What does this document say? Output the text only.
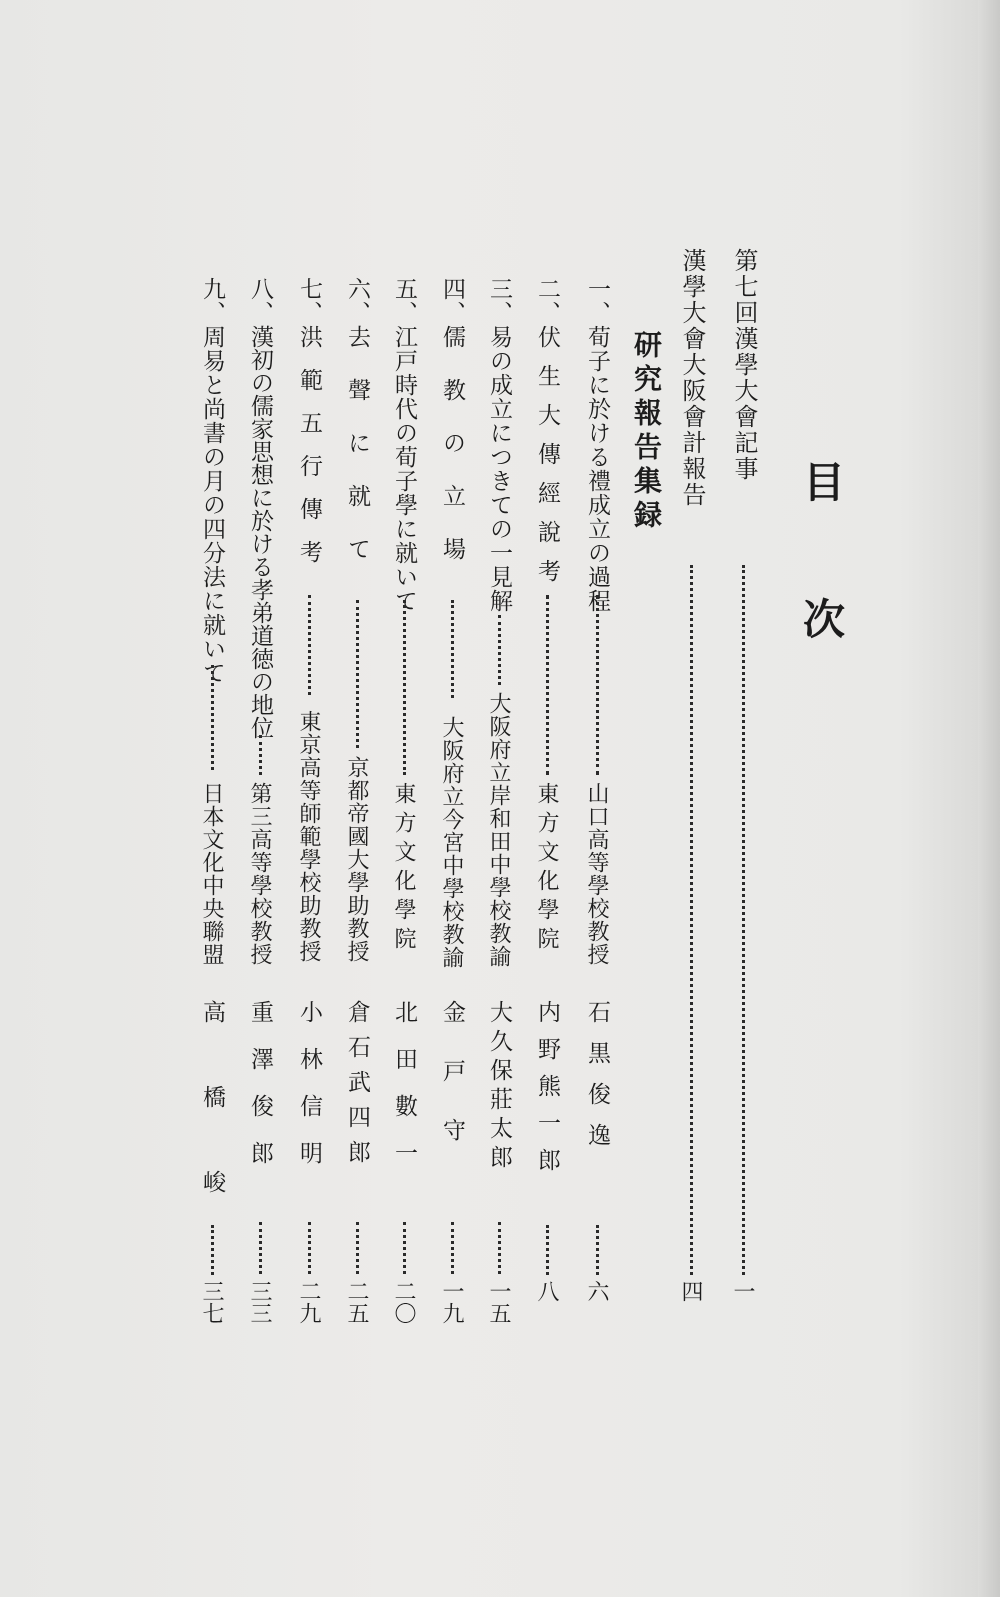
目次
第七回漢學大會記事
一
漢學大會大阪會計報告
四
研究報告集録
一、
荀子に於ける禮成立の過程
山口高等學校教授
石黒俊逸
六
二、
伏生大傳經說考
東方文化學院
内野熊一郎
八
三、
易の成立につきての一見解
大阪府立岸和田中學校教諭
大久保莊太郎
一五
四、
儒教の立場
大阪府立今宮中學校教諭
金戸守
一九
五、
江戸時代の荀子學に就いて
東方文化學院
北田數一
二〇
六、
去聲に就て
京都帝國大學助教授
倉石武四郎
二五
七、
洪範五行傳考
東京高等師範學校助教授
小林信明
二九
八、
漢初の儒家思想に於ける孝弟道徳の地位
第三高等學校教授
重澤俊郎
三三
九、
周易と尚書の月の四分法に就いて
日本文化中央聯盟
高橋峻
三七
